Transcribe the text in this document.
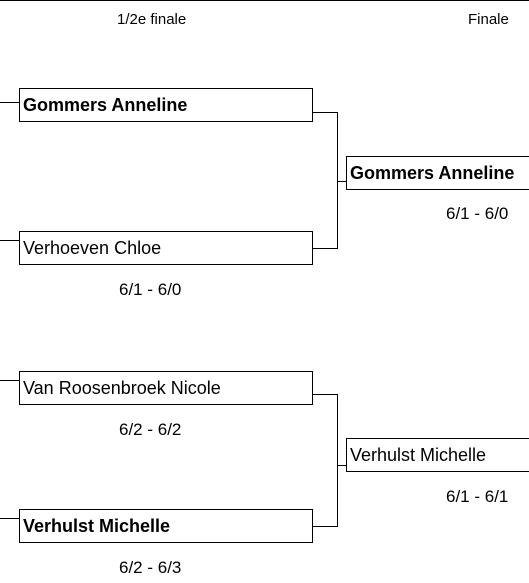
1/2e finale	Finale
Gommers Anneline
Verhoeven Chloe
6/1 - 6/0
Van Roosenbroek Nicole
6/2 - 6/2
Verhulst Michelle
6/2 - 6/3
Gommers Anneline
6/1 - 6/0
Verhulst Michelle
6/1 - 6/1
